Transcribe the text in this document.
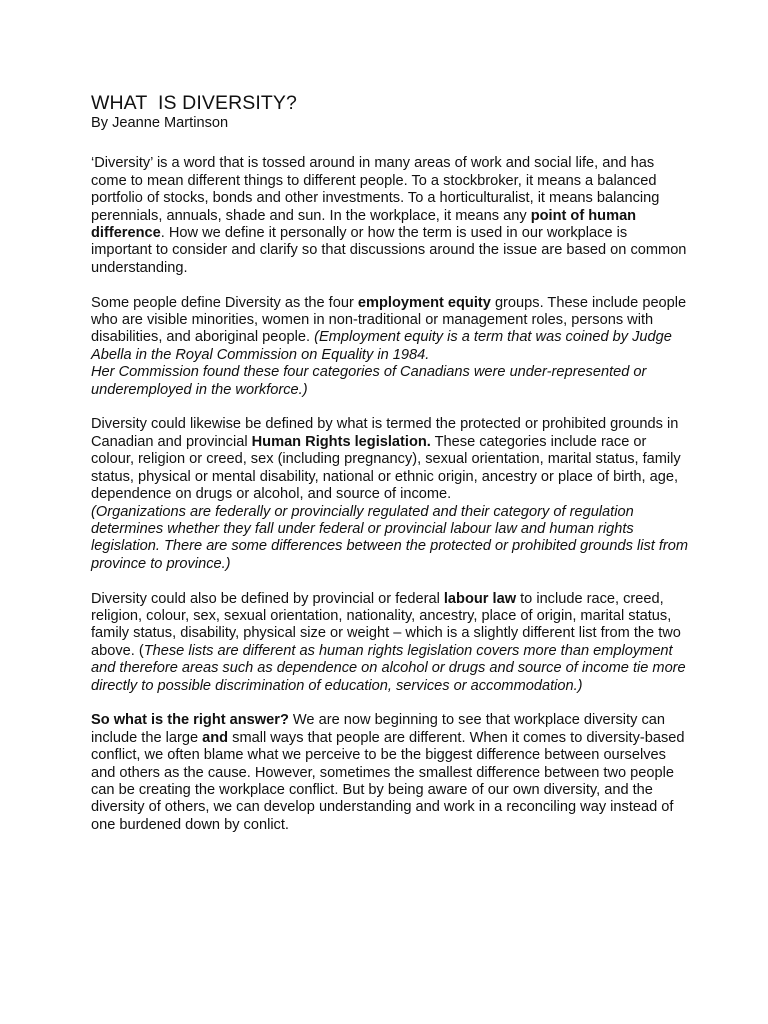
WHAT  IS DIVERSITY?
By Jeanne Martinson

‘Diversity’ is a word that is tossed around in many areas of work and social life, and has come to mean different things to different people. To a stockbroker, it means a balanced portfolio of stocks, bonds and other investments. To a horticulturalist, it means balancing perennials, annuals, shade and sun. In the workplace, it means any point of human difference. How we define it personally or how the term is used in our workplace is important to consider and clarify so that discussions around the issue are based on common understanding.

Some people define Diversity as the four employment equity groups. These include people who are visible minorities, women in non-traditional or management roles, persons with disabilities, and aboriginal people. (Employment equity is a term that was coined by Judge Abella in the Royal Commission on Equality in 1984.
Her Commission found these four categories of Canadians were under-represented or underemployed in the workforce.)

Diversity could likewise be defined by what is termed the protected or prohibited grounds in Canadian and provincial Human Rights legislation. These categories include race or colour, religion or creed, sex (including pregnancy), sexual orientation, marital status, family status, physical or mental disability, national or ethnic origin, ancestry or place of birth, age, dependence on drugs or alcohol, and source of income.
(Organizations are federally or provincially regulated and their category of regulation determines whether they fall under federal or provincial labour law and human rights legislation. There are some differences between the protected or prohibited grounds list from province to province.)

Diversity could also be defined by provincial or federal labour law to include race, creed, religion, colour, sex, sexual orientation, nationality, ancestry, place of origin, marital status, family status, disability, physical size or weight – which is a slightly different list from the two above. (These lists are different as human rights legislation covers more than employment and therefore areas such as dependence on alcohol or drugs and source of income tie more directly to possible discrimination of education, services or accommodation.)

So what is the right answer? We are now beginning to see that workplace diversity can include the large and small ways that people are different. When it comes to diversity-based conflict, we often blame what we perceive to be the biggest difference between ourselves and others as the cause. However, sometimes the smallest difference between two people can be creating the workplace conflict. But by being aware of our own diversity, and the diversity of others, we can develop understanding and work in a reconciling way instead of one burdened down by conlict.
